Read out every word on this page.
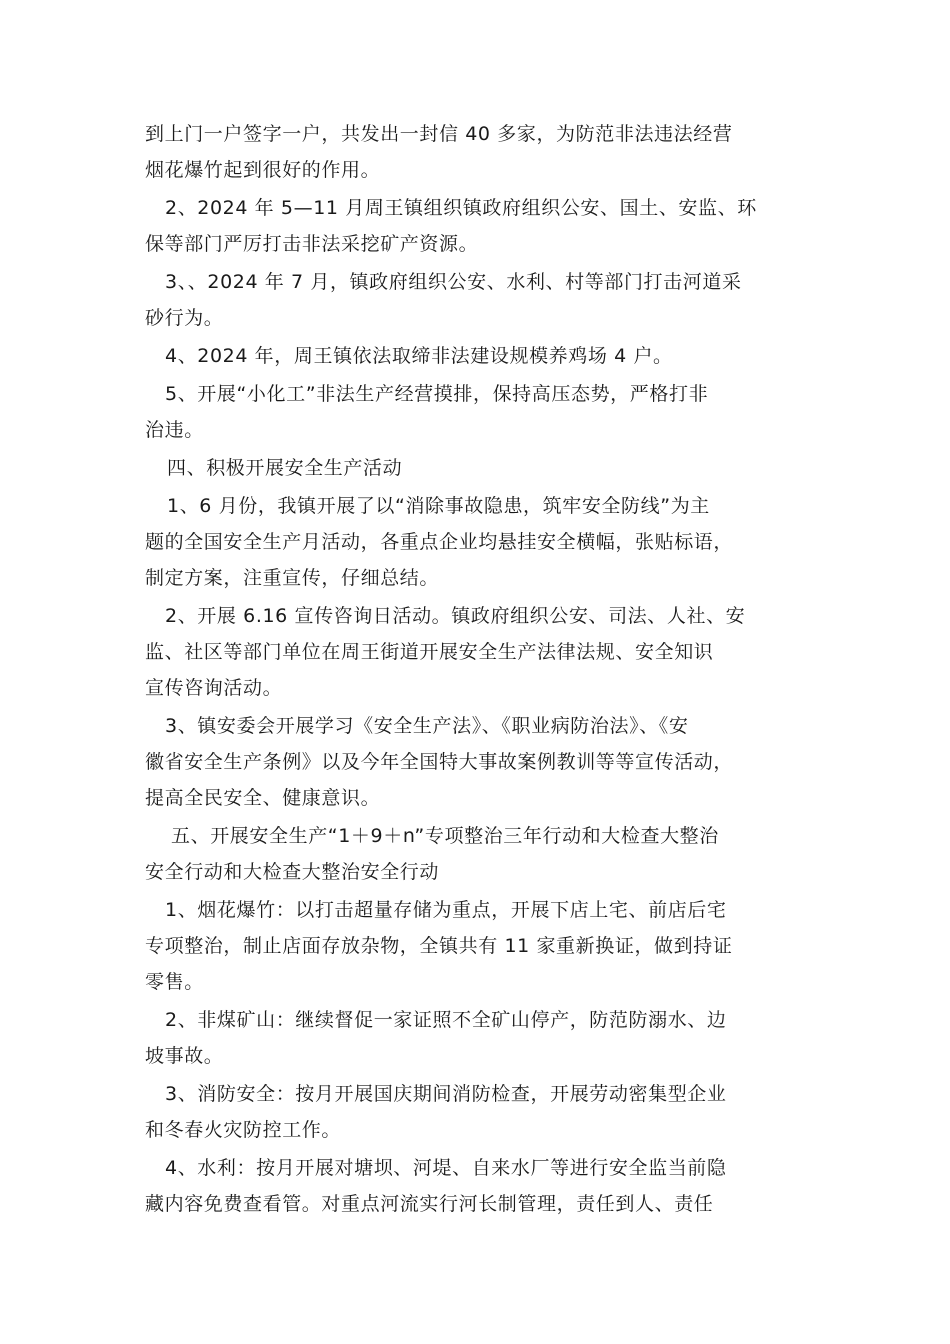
到上门一户签字一户，共发出一封信 40 多家，为防范非法违法经营
烟花爆竹起到很好的作用。
2、2024 年 5—11 月周王镇组织镇政府组织公安、国土、安监、环
保等部门严厉打击非法采挖矿产资源。
3、、2024 年 7 月，镇政府组织公安、水利、村等部门打击河道采
砂行为。
4、2024 年，周王镇依法取缔非法建设规模养鸡场 4 户。
5、开展“小化工”非法生产经营摸排，保持高压态势，严格打非
治违。
四、积极开展安全生产活动
1、6 月份，我镇开展了以“消除事故隐患，筑牢安全防线”为主
题的全国安全生产月活动，各重点企业均悬挂安全横幅，张贴标语，
制定方案，注重宣传，仔细总结。
2、开展 6.16 宣传咨询日活动。镇政府组织公安、司法、人社、安
监、社区等部门单位在周王街道开展安全生产法律法规、安全知识
宣传咨询活动。
3、镇安委会开展学习《安全生产法》、《职业病防治法》、《安
徽省安全生产条例》以及今年全国特大事故案例教训等等宣传活动，
提高全民安全、健康意识。
五、开展安全生产“1＋9＋n”专项整治三年行动和大检查大整治
安全行动和大检查大整治安全行动
1、烟花爆竹：以打击超量存储为重点，开展下店上宅、前店后宅
专项整治，制止店面存放杂物，全镇共有 11 家重新换证，做到持证
零售。
2、非煤矿山：继续督促一家证照不全矿山停产，防范防溺水、边
坡事故。
3、消防安全：按月开展国庆期间消防检查，开展劳动密集型企业
和冬春火灾防控工作。
4、水利：按月开展对塘坝、河堤、自来水厂等进行安全监当前隐
藏内容免费查看管。对重点河流实行河长制管理，责任到人、责任
